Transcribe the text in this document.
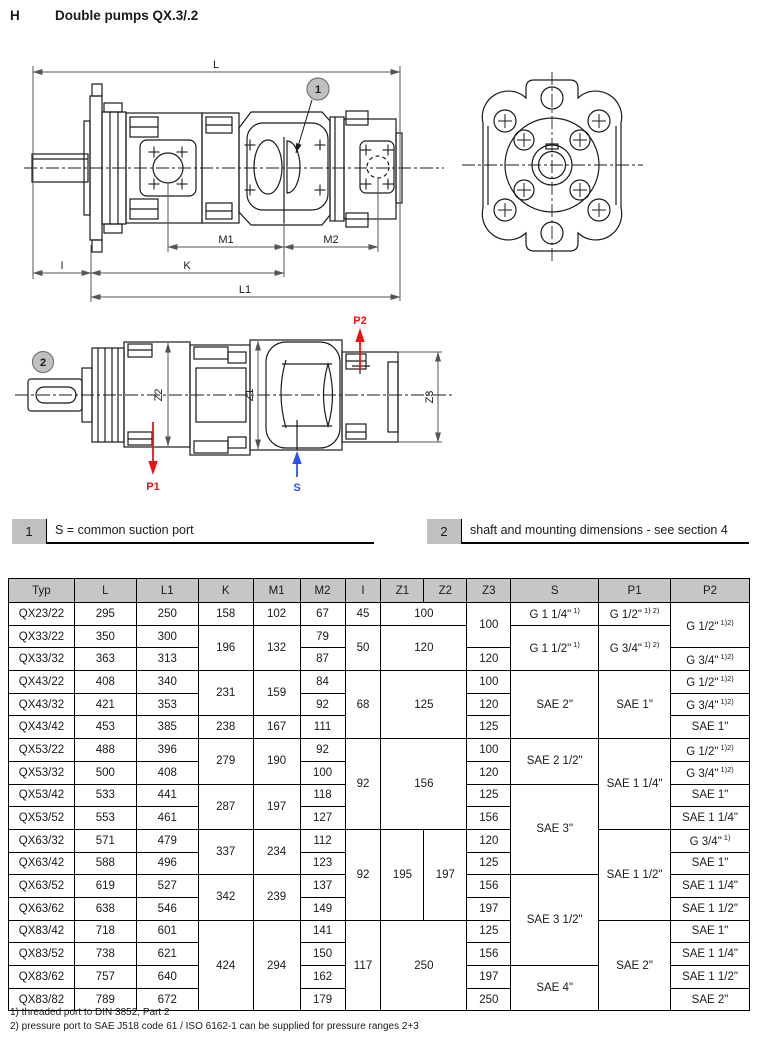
H	Double pumps QX.3/.2
1
L
M1	M2
I	K
L1
2
Z2	Z1	Z3
P2
P1	S
1	S = common suction port	2	shaft and mounting dimensions - see section 4
Typ	L	L1	K	M1	M2	I	Z1	Z2	Z3	S	P1	P2
QX23/22	295	250	158	102	67	45	100		100	G 1 1/4" $^{1)}$	G 1/2" $^{1) 2)}$	G 1/2" $^{1)2)}$
QX33/22	350	300	196	132	79	50	120			G 1 1/2" $^{1)}$	G 3/4" $^{1) 2)}$
QX33/32	363	313			87				120			G 3/4" $^{1)2)}$
QX43/22	408	340	231	159	84	68	125		100	SAE 2"	SAE 1"	G 1/2" $^{1)2)}$
QX43/32	421	353			92				120			G 3/4" $^{1)2)}$
QX43/42	453	385	238	167	111				125			SAE 1"
QX53/22	488	396	279	190	92	92	156		100	SAE 2 1/2"	SAE 1 1/4"	G 1/2" $^{1)2)}$
QX53/32	500	408			100				120			G 3/4" $^{1)2)}$
QX53/42	533	441	287	197	118				125	SAE 3"		SAE 1"
QX53/52	553	461			127				156			SAE 1 1/4"
QX63/32	571	479	337	234	112	92	195	197	120		SAE 1 1/2"	G 3/4" $^{1)}$
QX63/42	588	496			123				125			SAE 1"
QX63/52	619	527	342	239	137				156	SAE 3 1/2"		SAE 1 1/4"
QX63/62	638	546			149				197			SAE 1 1/2"
QX83/42	718	601	424	294	141	117	250		125		SAE 2"	SAE 1"
QX83/52	738	621			150				156			SAE 1 1/4"
QX83/62	757	640			162				197	SAE 4"		SAE 1 1/2"
QX83/82	789	672			179				250			SAE 2"
1) threaded port to DIN 3852, Part 2
2) pressure port to SAE J518 code 61 / ISO 6162-1 can be supplied for pressure ranges 2+3
